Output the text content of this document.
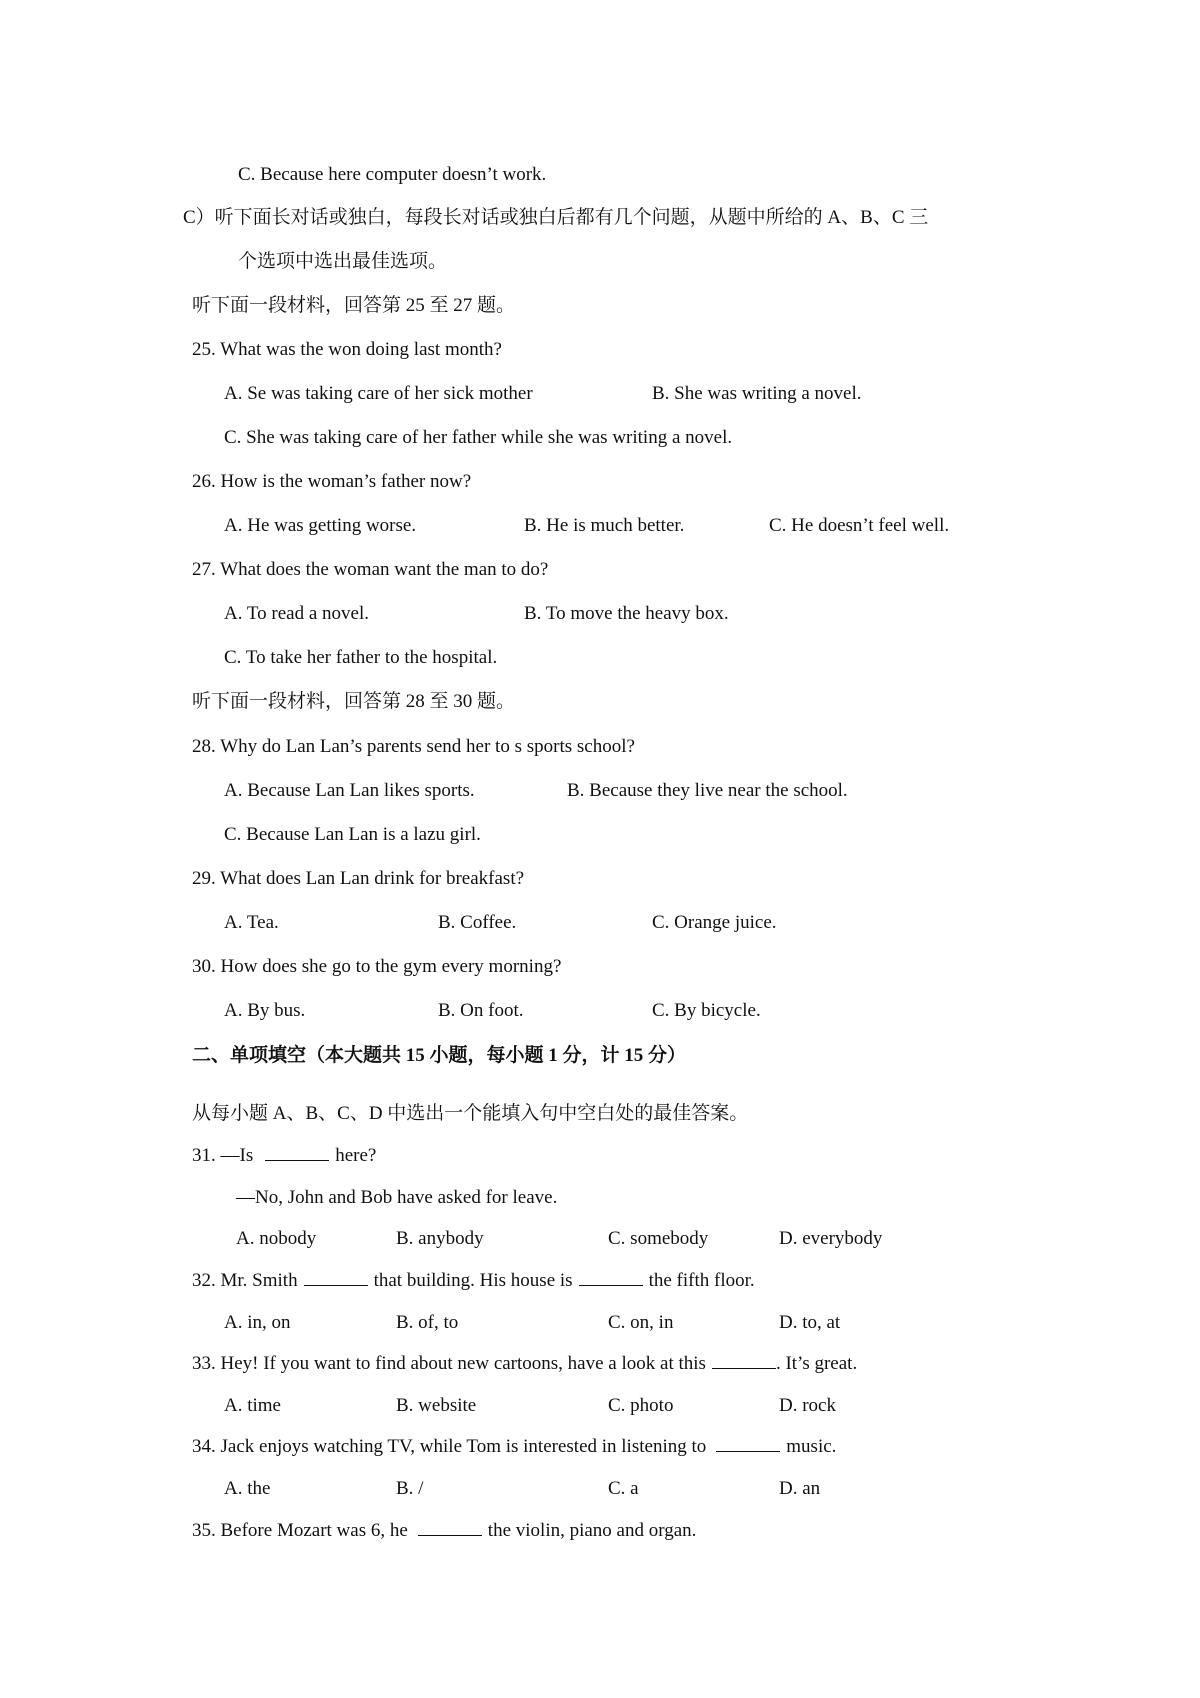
C. Because here computer doesn’t work.
C）听下面长对话或独白，每段长对话或独白后都有几个问题，从题中所给的 A、B、C 三
个选项中选出最佳选项。
听下面一段材料，回答第 25 至 27 题。
25. What was the won doing last month?
A. Se was taking care of her sick mother	B. She was writing a novel.
C. She was taking care of her father while she was writing a novel.
26. How is the woman’s father now?
A. He was getting worse.	B. He is much better.	C. He doesn’t feel well.
27. What does the woman want the man to do?
A. To read a novel.	B. To move the heavy box.
C. To take her father to the hospital.
听下面一段材料，回答第 28 至 30 题。
28. Why do Lan Lan’s parents send her to s sports school?
A. Because Lan Lan likes sports.	B. Because they live near the school.
C. Because Lan Lan is a lazu girl.
29. What does Lan Lan drink for breakfast?
A. Tea.	B. Coffee.	C. Orange juice.
30. How does she go to the gym every morning?
A. By bus.	B. On foot.	C. By bicycle.
二、单项填空（本大题共 15 小题，每小题 1 分，计 15 分）
从每小题 A、B、C、D 中选出一个能填入句中空白处的最佳答案。
31. —Is	here?
—No, John and Bob have asked for leave.
A. nobody	B. anybody	C. somebody	D. everybody
32. Mr. Smith	that building. His house is	the fifth floor.
A. in, on	B. of, to	C. on, in	D. to, at
33. Hey! If you want to find about new cartoons, have a look at this	. It’s great.
A. time	B. website	C. photo	D. rock
34. Jack enjoys watching TV, while Tom is interested in listening to	music.
A. the	B. /	C. a	D. an
35. Before Mozart was 6, he	the violin, piano and organ.
